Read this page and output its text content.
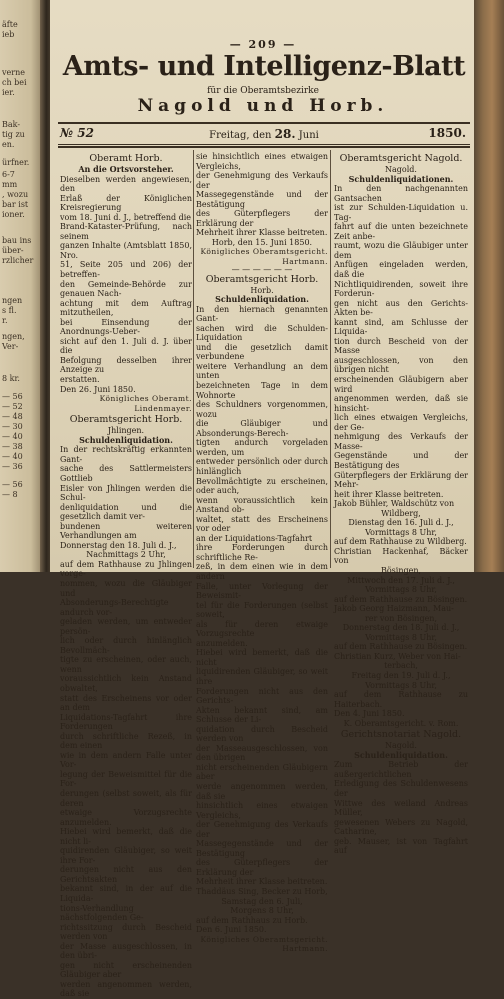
äfte
ieb
verne
ch bei
ier.
Bak-
tig zu
en.
ürfner.
6-7
mm
, wozu
bar ist
ioner.
bau ins
über-
rzlicher
ngen
s fl.
r.
ngen,
Ver-
8 kr.
— 56
— 52
— 48
— 30
— 40
— 38
— 40
— 36
— 56
— 8
— 209 —
Amts- und Intelligenz-Blatt
für die Oberamtsbezirke
Nagold und Horb.
№ 52	Freitag, den 28. Juni	1850.

Oberamt Horb.

An die Ortsvorsteher.

Dieselben werden angewiesen, den

Erlaß der Königlichen Kreisregierung

vom 18. Juni d. J., betreffend die

Brand-Kataster-Prüfung, nach seinem

ganzen Inhalte (Amtsblatt 1850, Nro.

51, Seite 205 und 206) der betreffen-

den Gemeinde-Behörde zur genauen Nach-

achtung mit dem Auftrag mitzutheilen,

bei Einsendung der Anordnungs-Ueber-

sicht auf den 1. Juli d. J. über die

Befolgung desselben ihrer Anzeige zu

erstatten.

Den 26. Juni 1850.

Königliches Oberamt.

Lindenmayer.

Oberamtsgericht Horb.

Jhlingen.

Schuldenliquidation.

In der rechtskräftig erkannten Gant-

sache des Sattlermeisters Gottlieb

Eisler von Jhlingen werden die Schul-

denliquidation und die gesetzlich damit ver-

bundenen weiteren Verhandlungen am

Donnerstag den 18. Juli d. J.,

Nachmittags 2 Uhr,

auf dem Rathhause zu Jhlingen vorge-

nommen, wozu die Gläubiger und

Absonderungs-Berechtigte andurch vor-

geladen werden, um entweder persön-

lich oder durch hinlänglich Bevollmäch-

tigte zu erscheinen, oder auch, wenn

voraussichtlich kein Anstand obwaltet,

statt des Erscheinens vor oder an dem

Liquidations-Tagfahrt ihre Forderungen

durch schriftliche Rezeß, in dem einen

wie in dem andern Falle unter Vor-

legung der Beweismittel für die For-

derungen (selbst soweit, als für deren

etwaige Vorzugsrechte anzumelden.

Hiebei wird bemerkt, daß die nicht li-

quidirenden Gläubiger, so weit ihre For-

derungen nicht aus den Gerichtsakten

bekannt sind, in der auf die Liquida-

tions-Verhandlung nächstfolgenden Ge-

richtssitzung durch Bescheid werden von

der Masse ausgeschlossen, in den übri-

gen nicht erscheinenden Gläubiger aber

werden angenommen werden, daß sie

sie hinsichtlich eines etwaigen Vergleichs,

der Genehmigung des Verkaufs der

Massegegenstände und der Bestätigung

des Güterpflegers der Erklärung der

Mehrheit ihrer Klasse beitreten.

Horb, den 15. Juni 1850.

Königliches Oberamtsgericht.

Hartmann.

— — — — — —

Oberamtsgericht Horb.

Horb.

Schuldenliquidation.

In den hiernach genannten Gant-

sachen wird die Schulden-Liquidation

und die gesetzlich damit verbundene

weitere Verhandlung an dem unten

bezeichneten Tage in dem Wohnorte

des Schuldners vorgenommen, wozu

die Gläubiger und Absonderungs-Berech-

tigten andurch vorgeladen werden, um

entweder persönlich oder durch hinlänglich

Bevollmächtigte zu erscheinen, oder auch,

wenn voraussichtlich kein Anstand ob-

waltet, statt des Erscheinens vor oder

an der Liquidations-Tagfahrt

ihre Forderungen durch schriftliche Re-

zeß, in dem einen wie in dem andern

Falle, unter Vorlegung der Beweismit-

tel für die Forderungen (selbst soweit,

als für deren etwaige Vorzugsrechte

anzumelden.

Hiebei wird bemerkt, daß die nicht

liquidirenden Gläubiger, so weit ihre

Forderungen nicht aus den Gerichts-

Akten bekannt sind, am Schlusse der Li-

quidation durch Bescheid werden von

der Masseausgeschlossen, von den übrigen

nicht erscheinenden Gläubigern aber

werde angenommen werden, daß sie

hinsichtlich eines etwaigen Vergleichs,

der Genehmigung des Verkaufs der

Massegegenstände und der Bestätigung

des Güterpflegers der Erklärung der

Mehrheit ihrer Klasse beitreten.

Thaddäus Sing, Becker zu Horb,

Samstag den 6. Juli,

Morgens 8 Uhr,

auf dem Rathhaus zu Horb.

Den 6. Juni 1850.

Königliches Oberamtsgericht.

Hartmann.

Oberamtsgericht Nagold.

Nagold.

Schuldenliquidationen.

In den nachgenannten Gantsachen

ist zur Schulden-Liquidation u. Tag-

fahrt auf die unten bezeichnete Zeit anbe-

raumt, wozu die Gläubiger unter dem

Anfügen eingeladen werden, daß die

Nichtliquidirenden, soweit ihre Forderun-

gen nicht aus den Gerichts-Akten be-

kannt sind, am Schlusse der Liquida-

tion durch Bescheid von der Masse

ausgeschlossen, von den übrigen nicht

erscheinenden Gläubigern aber wird

angenommen werden, daß sie hinsicht-

lich eines etwaigen Vergleichs, der Ge-

nehmigung des Verkaufs der Masse-

Gegenstände und der Bestätigung des

Güterpflegers der Erklärung der Mehr-

heit ihrer Klasse beitreten.

Jakob Bühler, Waldschütz von

Wildberg,

Dienstag den 16. Juli d. J.,

Vormittags 8 Uhr,

auf dem Rathhause zu Wildberg.

Christian Hackenhaf, Bäcker von

Bösingen,

Mittwoch den 17. Juli d. J.,

Vormittags 8 Uhr,

auf dem Rathhause zu Bösingen.

Jakob Georg Haizmann, Mau-

rer von Bösingen,

Donnerstag den 18. Juli d. J.,

Vormittags 8 Uhr,

auf dem Rathhause zu Bösingen.

Christian Kurz, Weber von Hai-

terbach,

Freitag den 19. Juli d. J.,

Vormittags 8 Uhr,

auf dem Rathhause zu Haiterbach.

Den 4. Juni 1850.

K. Oberamtsgericht. v. Rom.

Gerichtsnotariat Nagold.

Nagold.

Schuldenliquidation.

Zum Betrieb der außergerichtlichen

Erledigung des Schuldenwesens der

Wittwe des weiland Andreas Müller,

gewesenen Webers zu Nagold, Catharine,

geb. Mauser, ist von Tagfahrt auf
